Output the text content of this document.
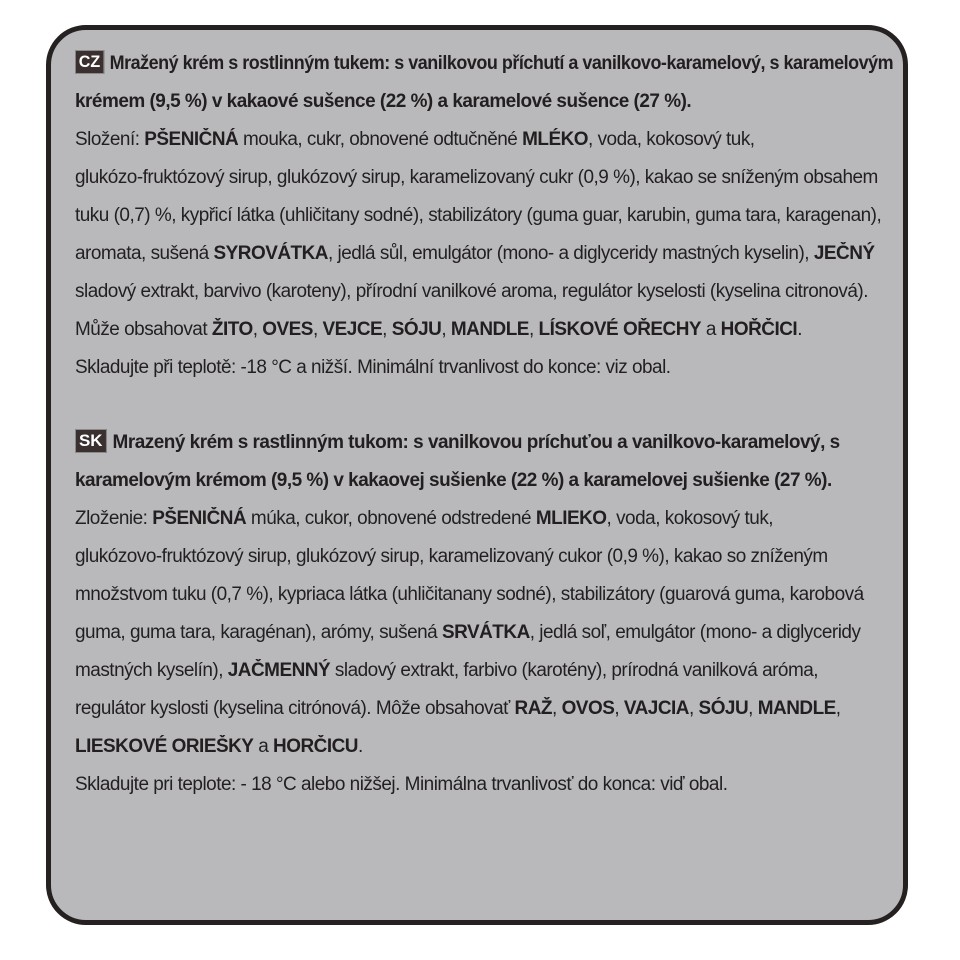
CZ Mražený krém s rostlinným tukem: s vanilkovou příchutí a vanilkovo-karamelový, s karamelovým
krémem (9,5 %) v kakaové sušence (22 %) a karamelové sušence (27 %).
Složení: PŠENIČNÁ mouka, cukr, obnovené odtučněné MLÉKO, voda, kokosový tuk,
glukózo-fruktózový sirup, glukózový sirup, karamelizovaný cukr (0,9 %), kakao se sníženým obsahem
tuku (0,7) %, kypřicí látka (uhličitany sodné), stabilizátory (guma guar, karubin, guma tara, karagenan),
aromata, sušená SYROVÁTKA, jedlá sůl, emulgátor (mono- a diglyceridy mastných kyselin), JEČNÝ
sladový extrakt, barvivo (karoteny), přírodní vanilkové aroma, regulátor kyselosti (kyselina citronová).
Může obsahovat ŽITO, OVES, VEJCE, SÓJU, MANDLE, LÍSKOVÉ OŘECHY a HOŘČICI.
Skladujte při teplotě: -18 °C a nižší. Minimální trvanlivost do konce: viz obal.
SK Mrazený krém s rastlinným tukom: s vanilkovou príchuťou a vanilkovo-karamelový, s
karamelovým krémom (9,5 %) v kakaovej sušienke (22 %) a karamelovej sušienke (27 %).
Zloženie: PŠENIČNÁ múka, cukor, obnovené odstredené MLIEKO, voda, kokosový tuk,
glukózovo-fruktózový sirup, glukózový sirup, karamelizovaný cukor (0,9 %), kakao so zníženým
množstvom tuku (0,7 %), kypriaca látka (uhličitanany sodné), stabilizátory (guarová guma, karobová
guma, guma tara, karagénan), arómy, sušená SRVÁTKA, jedlá soľ, emulgátor (mono- a diglyceridy
mastných kyselín), JAČMENNÝ sladový extrakt, farbivo (karotény), prírodná vanilková aróma,
regulátor kyslosti (kyselina citrónová). Môže obsahovať RAŽ, OVOS, VAJCIA, SÓJU, MANDLE,
LIESKOVÉ ORIEŠKY a HORČICU.
Skladujte pri teplote: - 18 °C alebo nižšej. Minimálna trvanlivosť do konca: viď obal.
